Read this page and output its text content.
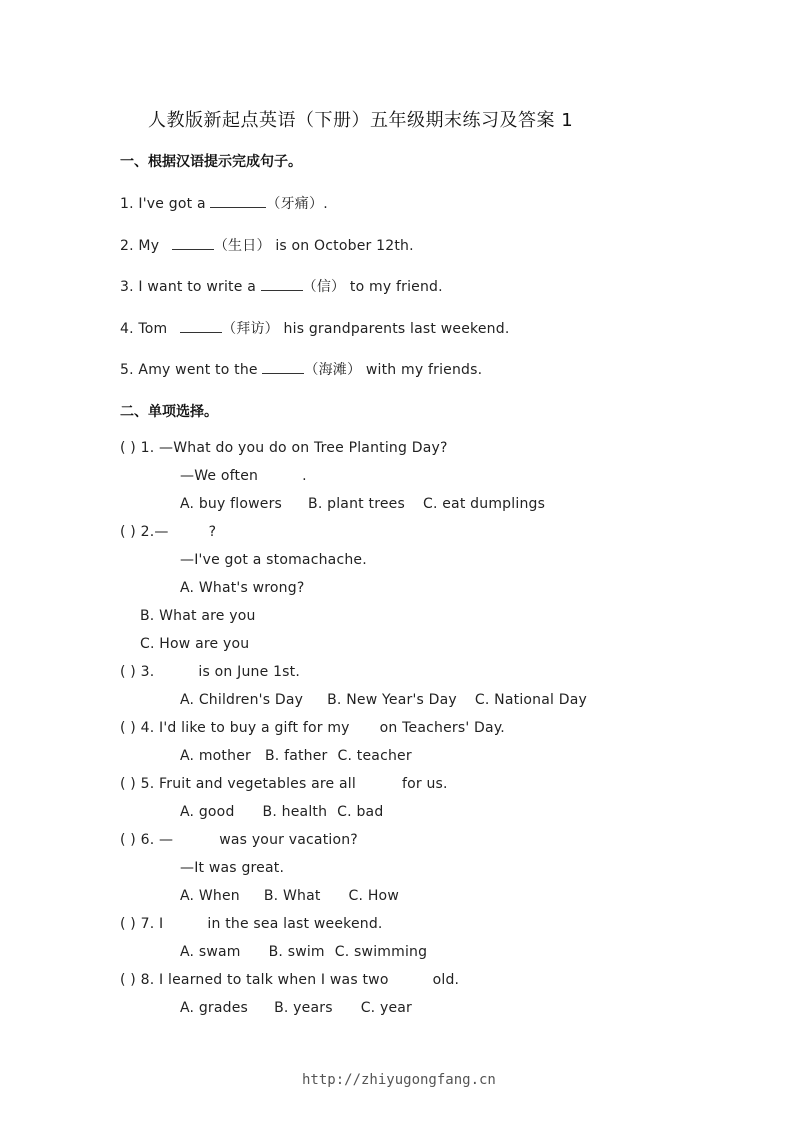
人教版新起点英语（下册）五年级期末练习及答案 1
一、根据汉语提示完成句子。
1. I've got a	（牙痛）.
2. My	（生日） is on October 12th.
3. I want to write a	（信） to my friend.
4. Tom	（拜访） his grandparents last weekend.
5. Amy went to the	（海滩） with my friends.
二、单项选择。
( ) 1. —What do you do on Tree Planting Day?
—We often	.
A. buy flowers B. plant trees C. eat dumplings
( ) 2.—	?
—I've got a stomachache.
A. What's wrong?
B. What are you
C. How are you
( ) 3.	is on June 1st.
A. Children's Day B. New Year's Day C. National Day
( ) 4. I'd like to buy a gift for my on Teachers' Day.
A. mother B. father C. teacher
( ) 5. Fruit and vegetables are all	for us.
A. good B. health C. bad
( ) 6. —	was your vacation?
—It was great.
A. When B. What C. How
( ) 7. I	in the sea last weekend.
A. swam B. swim C. swimming
( ) 8. I learned to talk when I was two	old.
A. grades B. years C. year
http://zhiyugongfang.cn
